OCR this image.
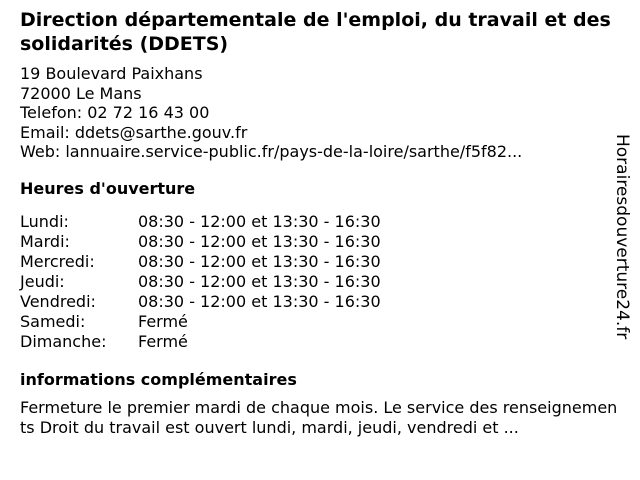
Direction départementale de l'emploi, du travail et des solidarités (DDETS)
19 Boulevard Paixhans
72000 Le Mans
Telefon: 02 72 16 43 00
Email: ddets@sarthe.gouv.fr
Web: lannuaire.service-public.fr/pays-de-la-loire/sarthe/f5f82...
Heures d'ouverture
Lundi:	08:30 - 12:00 et 13:30 - 16:30
Mardi:	08:30 - 12:00 et 13:30 - 16:30
Mercredi:	08:30 - 12:00 et 13:30 - 16:30
Jeudi:	08:30 - 12:00 et 13:30 - 16:30
Vendredi:	08:30 - 12:00 et 13:30 - 16:30
Samedi:	Fermé
Dimanche:	Fermé
informations complémentaires
Fermeture le premier mardi de chaque mois. Le service des renseignements Droit du travail est ouvert lundi, mardi, jeudi, vendredi et ...
Horairesdouverture24.fr
